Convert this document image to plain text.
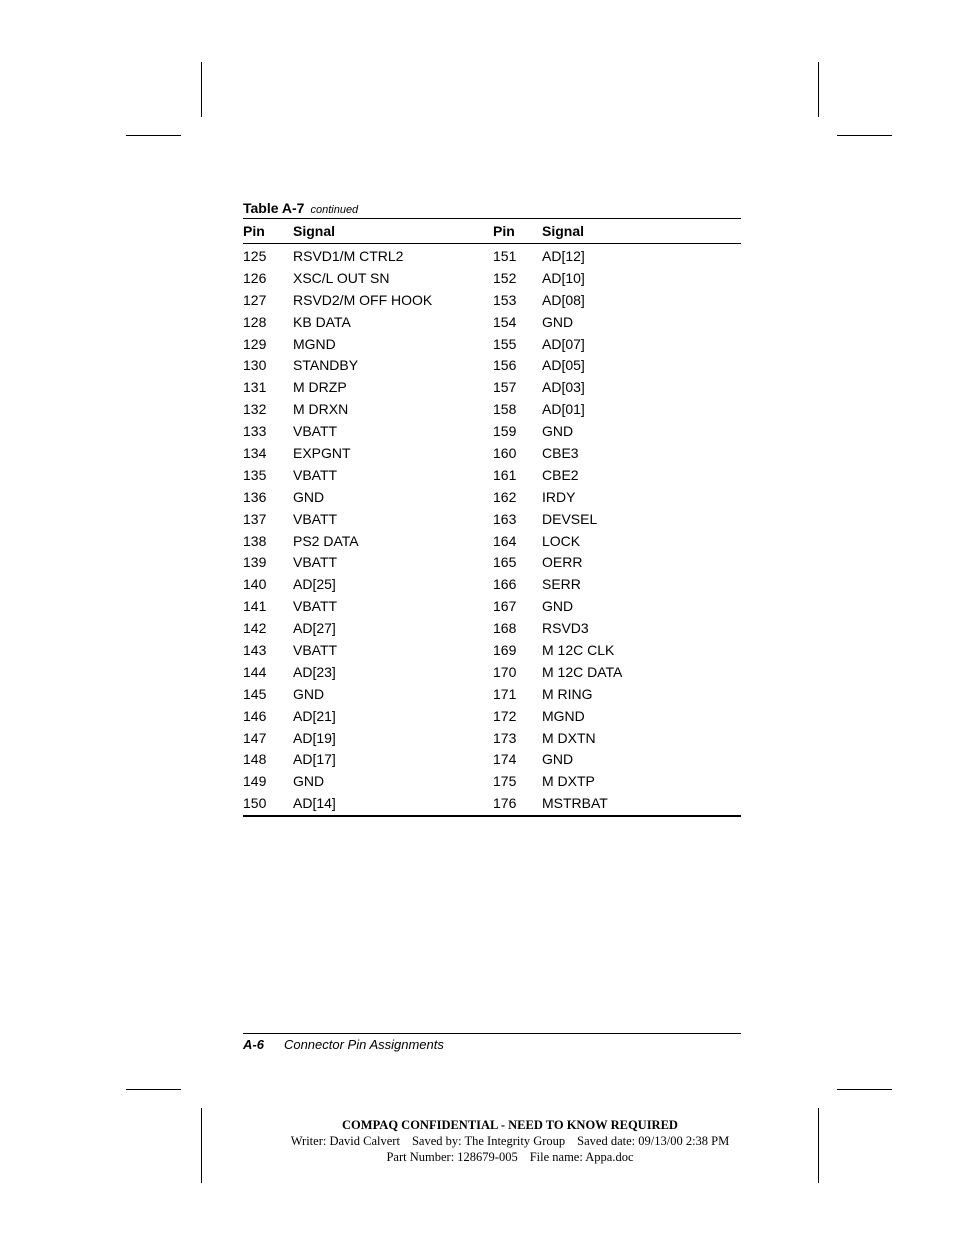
Table A-7 continued
Pin Signal	Pin Signal
125 RSVD1/M CTRL2	151 AD[12]
126 XSC/L OUT SN	152 AD[10]
127 RSVD2/M OFF HOOK	153 AD[08]
128 KB DATA	154 GND
129 MGND	155 AD[07]
130 STANDBY	156 AD[05]
131 M DRZP	157 AD[03]
132 M DRXN	158 AD[01]
133 VBATT	159 GND
134 EXPGNT	160 CBE3
135 VBATT	161 CBE2
136 GND	162 IRDY
137 VBATT	163 DEVSEL
138 PS2 DATA	164 LOCK
139 VBATT	165 OERR
140 AD[25]	166 SERR
141 VBATT	167 GND
142 AD[27]	168 RSVD3
143 VBATT	169 M 12C CLK
144 AD[23]	170 M 12C DATA
145 GND	171 M RING
146 AD[21]	172 MGND
147 AD[19]	173 M DXTN
148 AD[17]	174 GND
149 GND	175 M DXTP
150 AD[14]	176 MSTRBAT
A-6 Connector Pin Assignments
COMPAQ CONFIDENTIAL - NEED TO KNOW REQUIRED
Writer: David Calvert Saved by: The Integrity Group Saved date: 09/13/00 2:38 PM
Part Number: 128679-005 File name: Appa.doc
